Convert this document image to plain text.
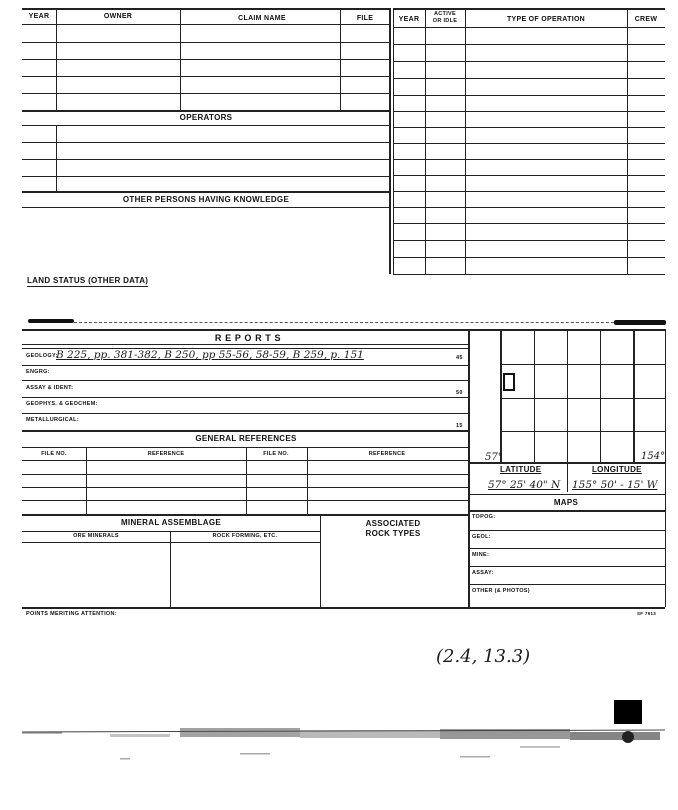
YEAR	OWNER	CLAIM NAME	FILE	YEAR
ACTIVE
OR IDLE	TYPE OF OPERATION	CREW
OPERATORS
OTHER PERSONS HAVING KNOWLEDGE
LAND STATUS (OTHER DATA)
R E P O R T S
GEOLOGY:
B 225, pp. 381-382, B 250, pp 55-56, 58-59, B 259, p. 151	45
ENGRG:
ASSAY & IDENT:
50
GEOPHYS. & GEOCHEM:
METALLURGICAL:
15
GENERAL REFERENCES
FILE NO.	REFERENCE	FILE NO.	REFERENCE
MINERAL ASSEMBLAGE
ORE MINERALS	ROCK FORMING, ETC.
ASSOCIATED
ROCK TYPES
57°	154°
LATITUDE	LONGITUDE
57° 25' 40" N 155° 50' - 15' W
MAPS
TOPOG:
GEOL:
MINE:
ASSAY:
OTHER (& PHOTOS)
POINTS MERITING ATTENTION:	SF 7913
(2.4, 13.3)
